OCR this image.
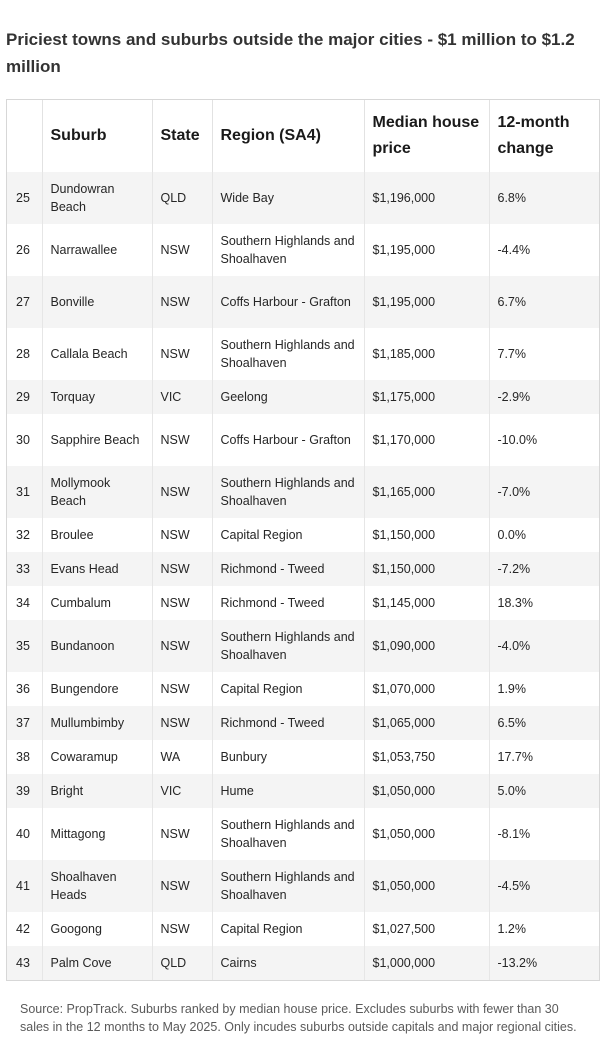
Priciest towns and suburbs outside the major cities - $1 million to $1.2 million
	Suburb	State	Region (SA4)	Median house price	12-month change
25	Dundowran Beach	QLD	Wide Bay	$1,196,000	6.8%
26	Narrawallee	NSW	Southern Highlands and Shoalhaven	$1,195,000	-4.4%
27	Bonville	NSW	Coffs Harbour - Grafton	$1,195,000	6.7%
28	Callala Beach	NSW	Southern Highlands and Shoalhaven	$1,185,000	7.7%
29	Torquay	VIC	Geelong	$1,175,000	-2.9%
30	Sapphire Beach	NSW	Coffs Harbour - Grafton	$1,170,000	-10.0%
31	Mollymook Beach	NSW	Southern Highlands and Shoalhaven	$1,165,000	-7.0%
32	Broulee	NSW	Capital Region	$1,150,000	0.0%
33	Evans Head	NSW	Richmond - Tweed	$1,150,000	-7.2%
34	Cumbalum	NSW	Richmond - Tweed	$1,145,000	18.3%
35	Bundanoon	NSW	Southern Highlands and Shoalhaven	$1,090,000	-4.0%
36	Bungendore	NSW	Capital Region	$1,070,000	1.9%
37	Mullumbimby	NSW	Richmond - Tweed	$1,065,000	6.5%
38	Cowaramup	WA	Bunbury	$1,053,750	17.7%
39	Bright	VIC	Hume	$1,050,000	5.0%
40	Mittagong	NSW	Southern Highlands and Shoalhaven	$1,050,000	-8.1%
41	Shoalhaven Heads	NSW	Southern Highlands and Shoalhaven	$1,050,000	-4.5%
42	Googong	NSW	Capital Region	$1,027,500	1.2%
43	Palm Cove	QLD	Cairns	$1,000,000	-13.2%

Source: PropTrack. Suburbs ranked by median house price. Excludes suburbs with fewer than 30 sales in the 12 months to May 2025. Only incudes suburbs outside capitals and major regional cities.
